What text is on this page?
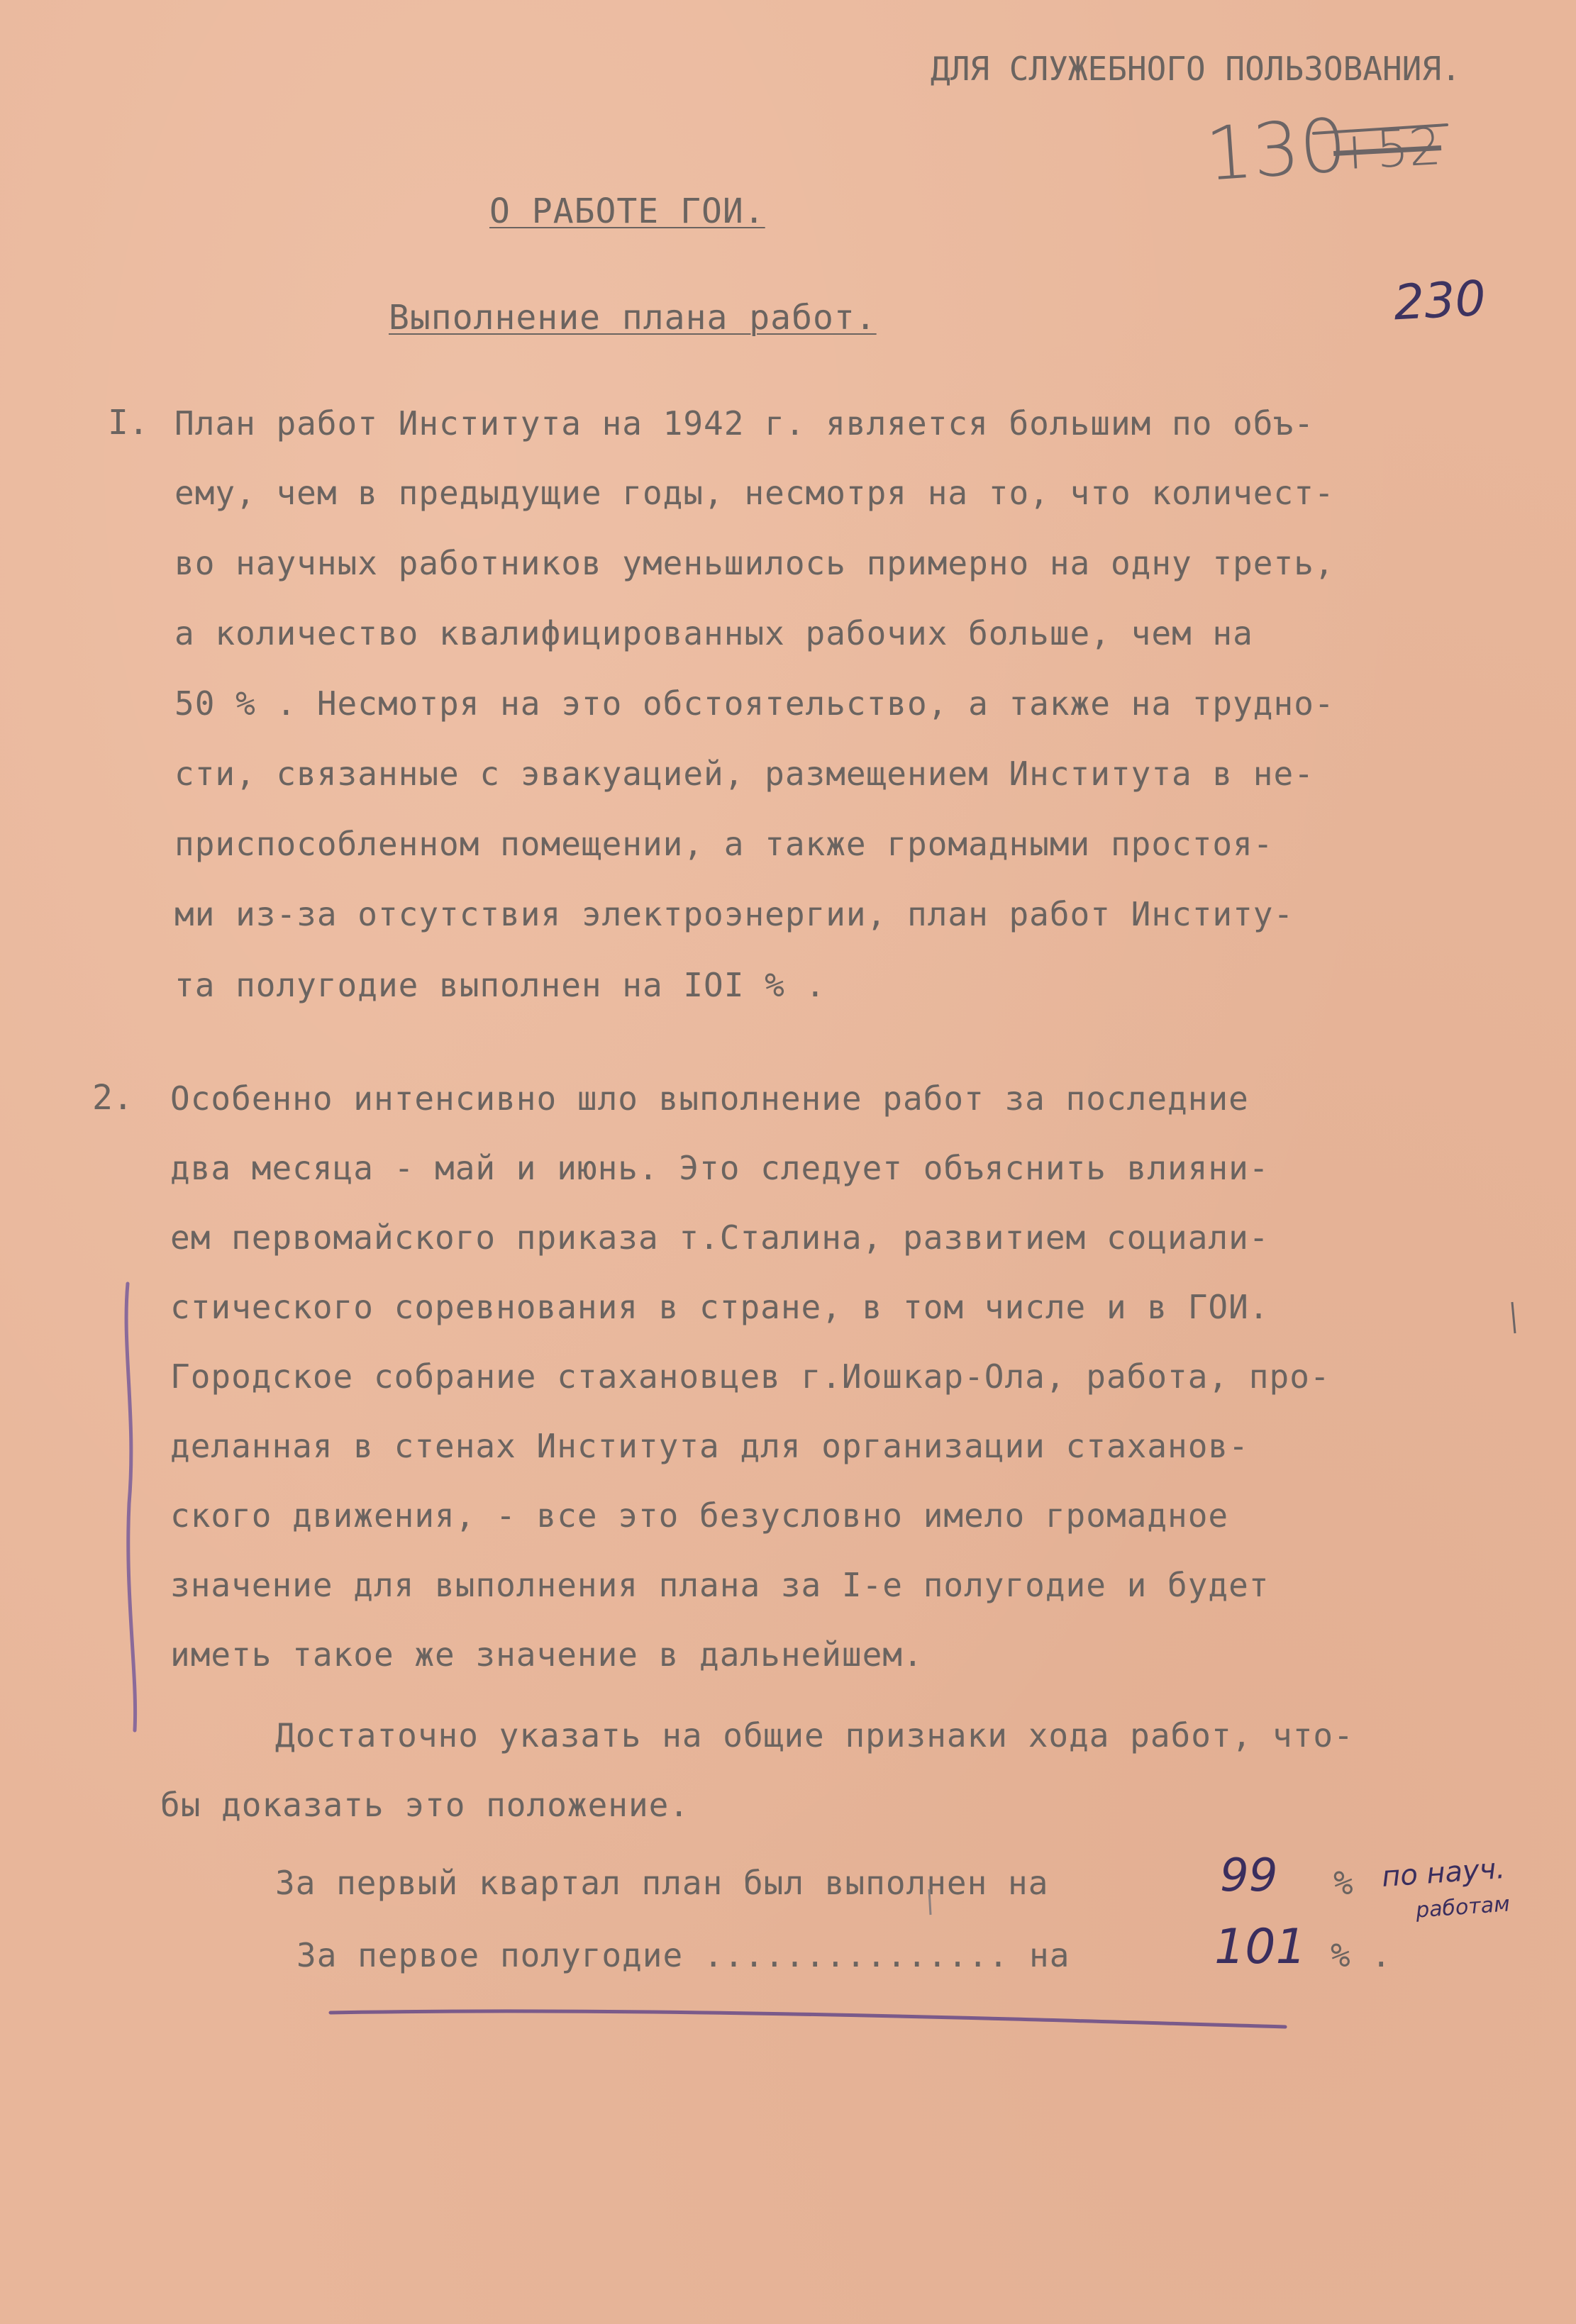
ДЛЯ СЛУЖЕБНОГО ПОЛЬЗОВАНИЯ.
130
+52
230
О РАБОТЕ ГОИ.
Выполнение плана работ.
I. План работ Института на 1942 г. является большим по объ-
ему, чем в предыдущие годы, несмотря на то, что количест-
во научных работников уменьшилось примерно на одну треть,
а количество квалифицированных рабочих больше, чем на
50 % . Несмотря на это обстоятельство, а также на трудно-
сти, связанные с эвакуацией, размещением Института в не-
приспособленном помещении, а также громадными простоя-
ми из-за отсутствия электроэнергии, план работ Институ-
та полугодие выполнен на IOI % .
2. Особенно интенсивно шло выполнение работ за последние
два месяца - май и июнь. Это следует объяснить влияни-
ем первомайского приказа т.Сталина, развитием социали-
стического соревнования в стране, в том числе и в ГОИ.
Городское собрание стахановцев г.Иошкар-Ола, работа, про-
деланная в стенах Института для организации стаханов-
ского движения, - все это безусловно имело громадное
значение для выполнения плана за I-е полугодие и будет
иметь такое же значение в дальнейшем.
Достаточно указать на общие признаки хода работ, что-
бы доказать это положение.
За первый квартал план был выполнен на	99 % по науч.
работам
За первое полугодие ............... на	101 % .
